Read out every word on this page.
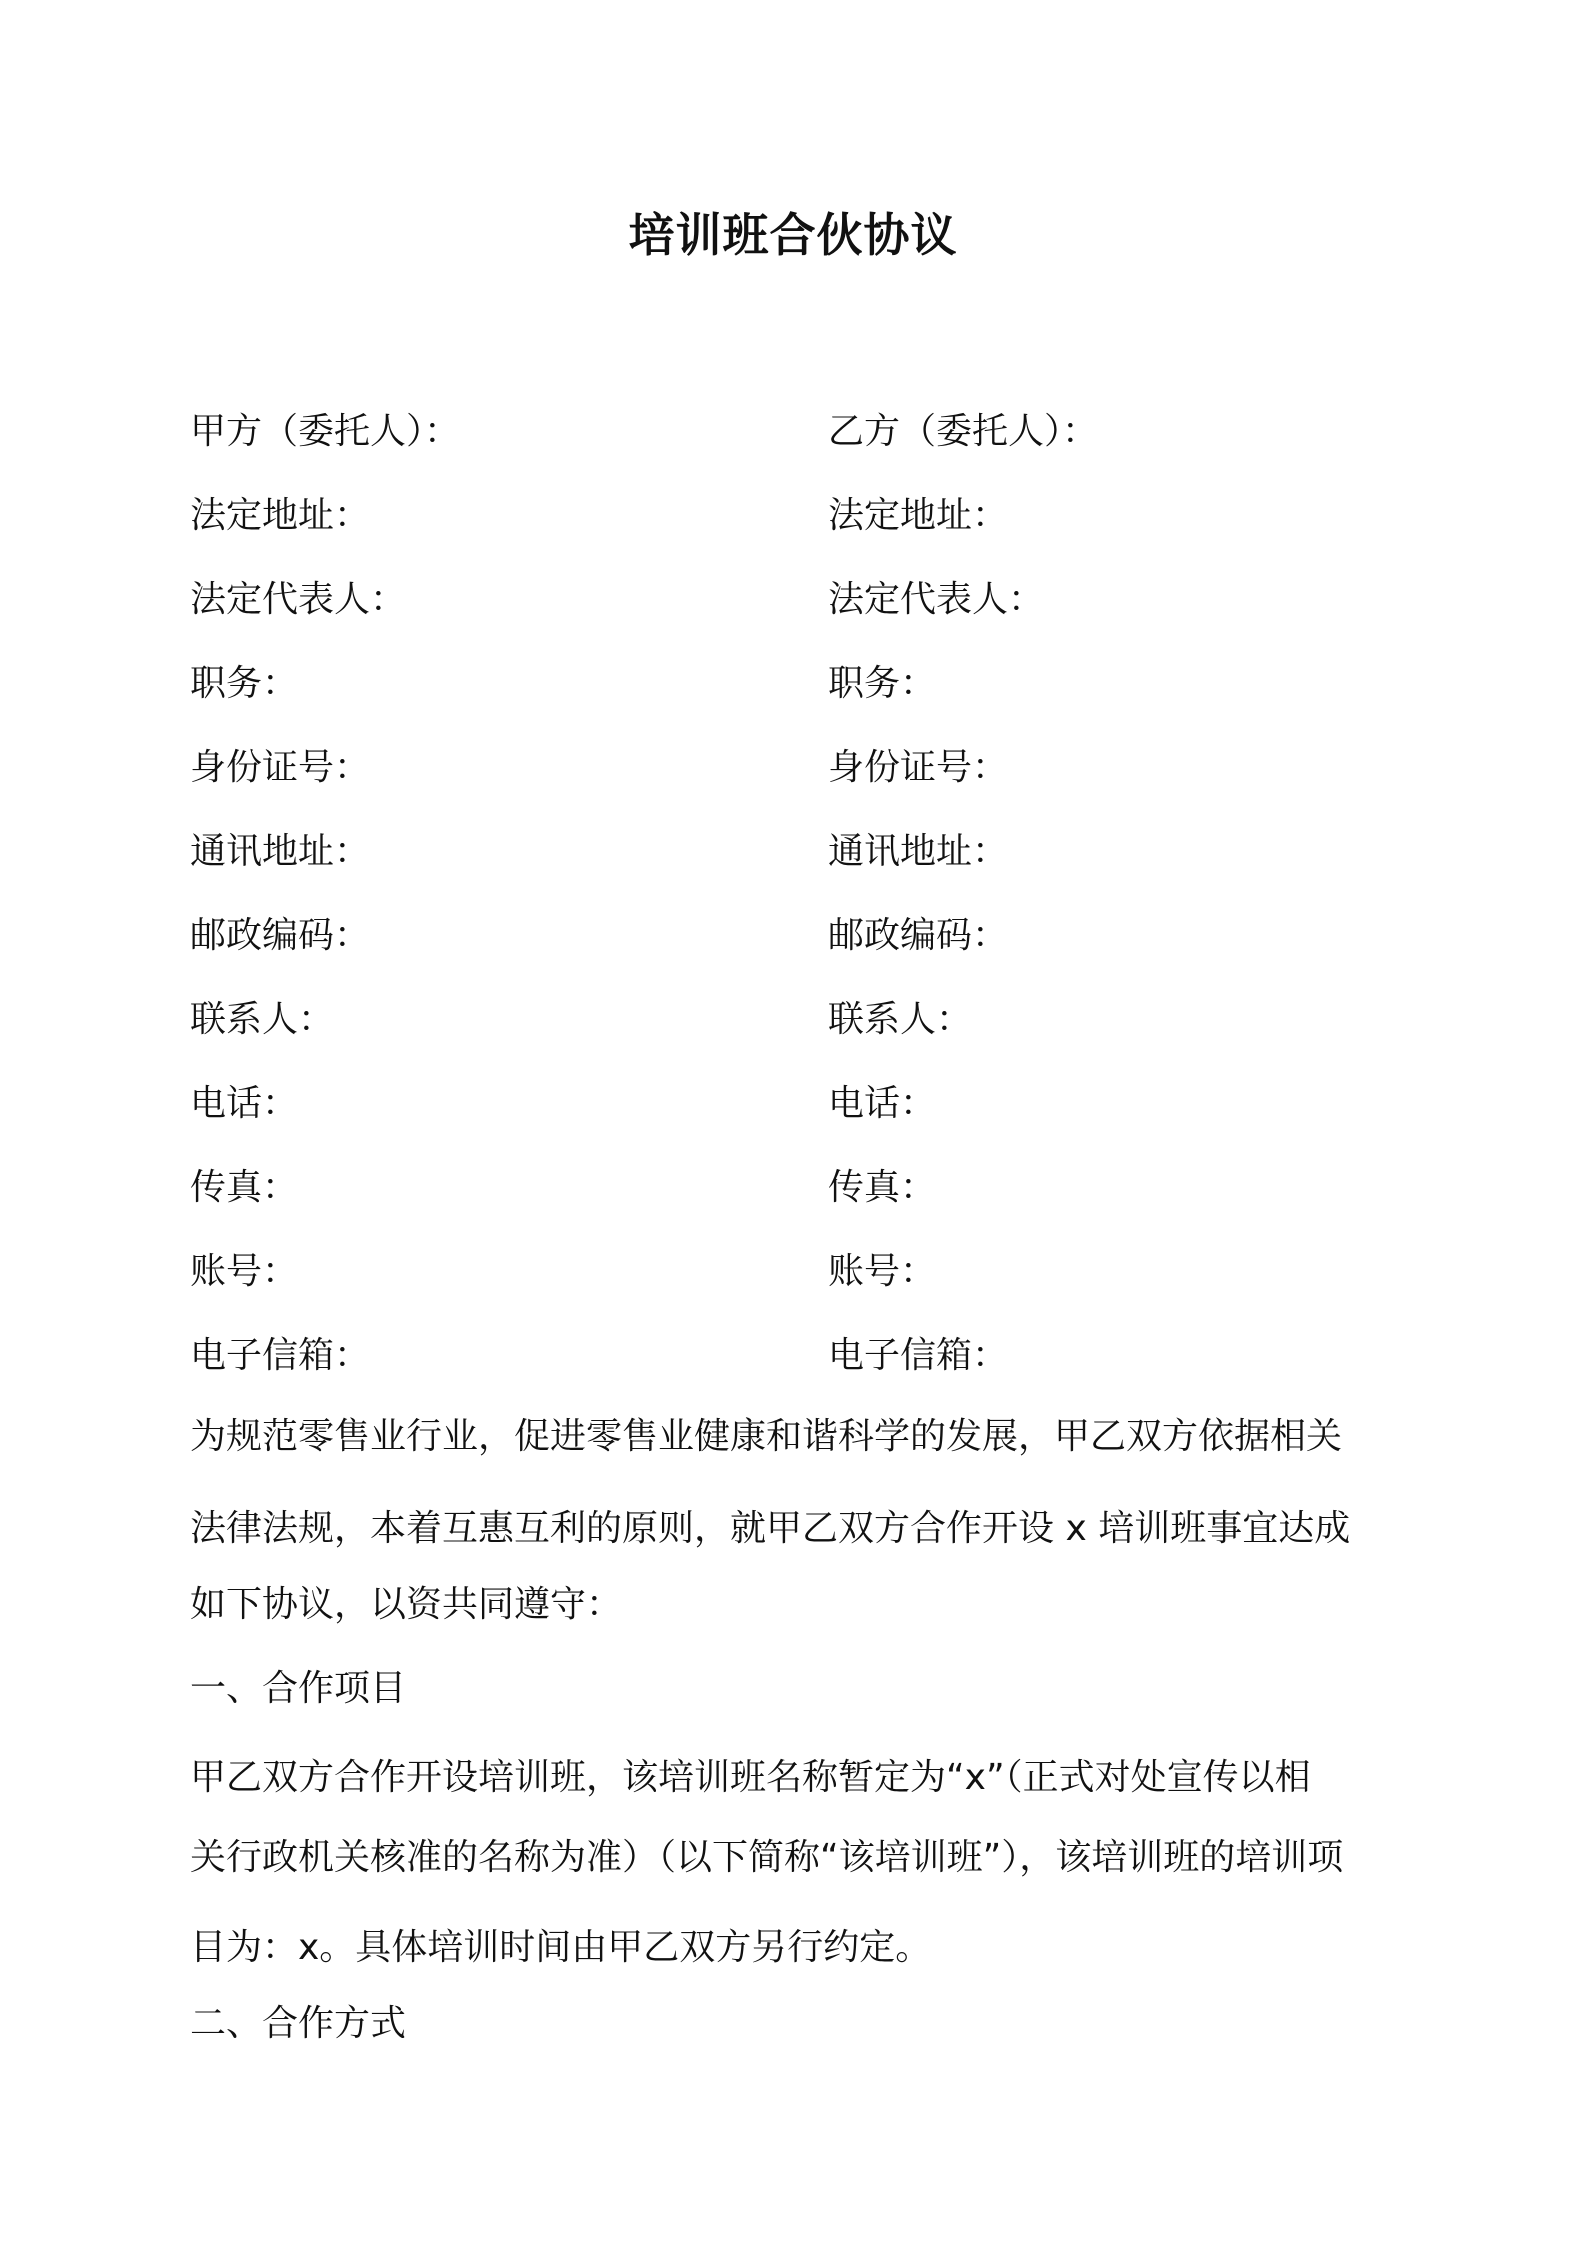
培训班合伙协议
甲方（委托人）：	乙方（委托人）：
法定地址：	法定地址：
法定代表人：	法定代表人：
职务：	职务：
身份证号：	身份证号：
通讯地址：	通讯地址：
邮政编码：	邮政编码：
联系人：	联系人：
电话：	电话：
传真：	传真：
账号：	账号：
电子信箱：	电子信箱：
为规范零售业行业，促进零售业健康和谐科学的发展，甲乙双方依据相关
法律法规，本着互惠互利的原则，就甲乙双方合作开设 x 培训班事宜达成
如下协议，以资共同遵守：
一、合作项目
甲乙双方合作开设培训班，该培训班名称暂定为“x”（正式对处宣传以相
关行政机关核准的名称为准）（以下简称“该培训班”），该培训班的培训项
目为：x。具体培训时间由甲乙双方另行约定。
二、合作方式
